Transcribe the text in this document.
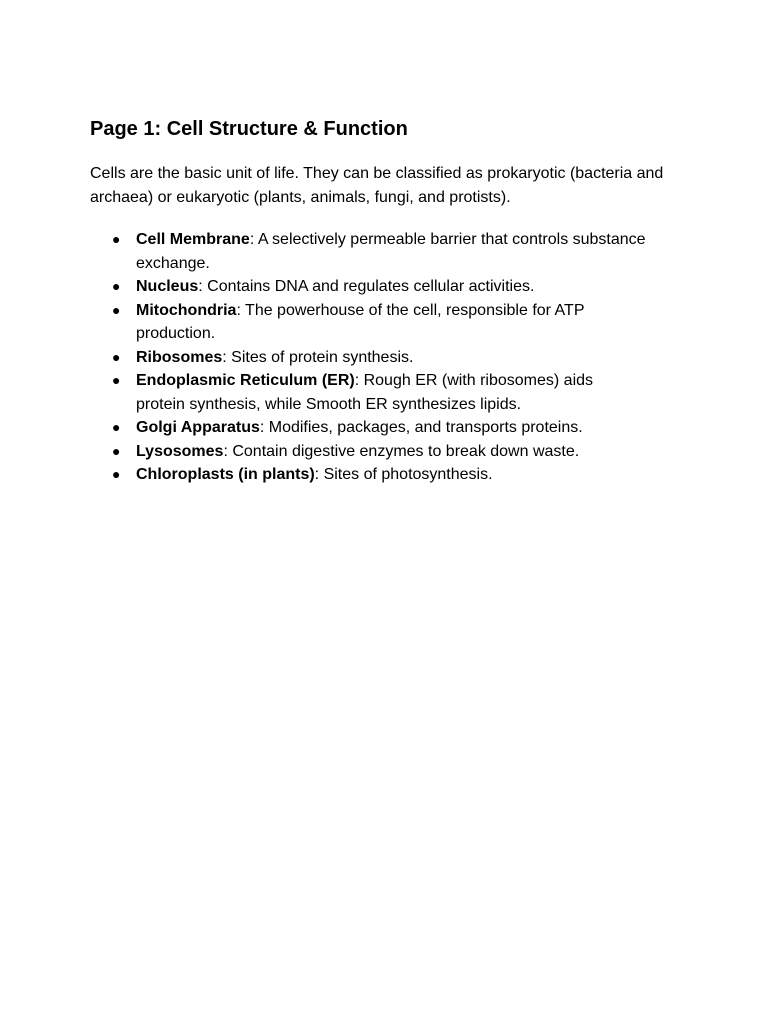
Page 1: Cell Structure & Function

Cells are the basic unit of life. They can be classified as prokaryotic (bacteria and archaea) or eukaryotic (plants, animals, fungi, and protists).

● Cell Membrane: A selectively permeable barrier that controls substance exchange.
● Nucleus: Contains DNA and regulates cellular activities.
● Mitochondria: The powerhouse of the cell, responsible for ATP production.
● Ribosomes: Sites of protein synthesis.
● Endoplasmic Reticulum (ER): Rough ER (with ribosomes) aids protein synthesis, while Smooth ER synthesizes lipids.
● Golgi Apparatus: Modifies, packages, and transports proteins.
● Lysosomes: Contain digestive enzymes to break down waste.
● Chloroplasts (in plants): Sites of photosynthesis.
